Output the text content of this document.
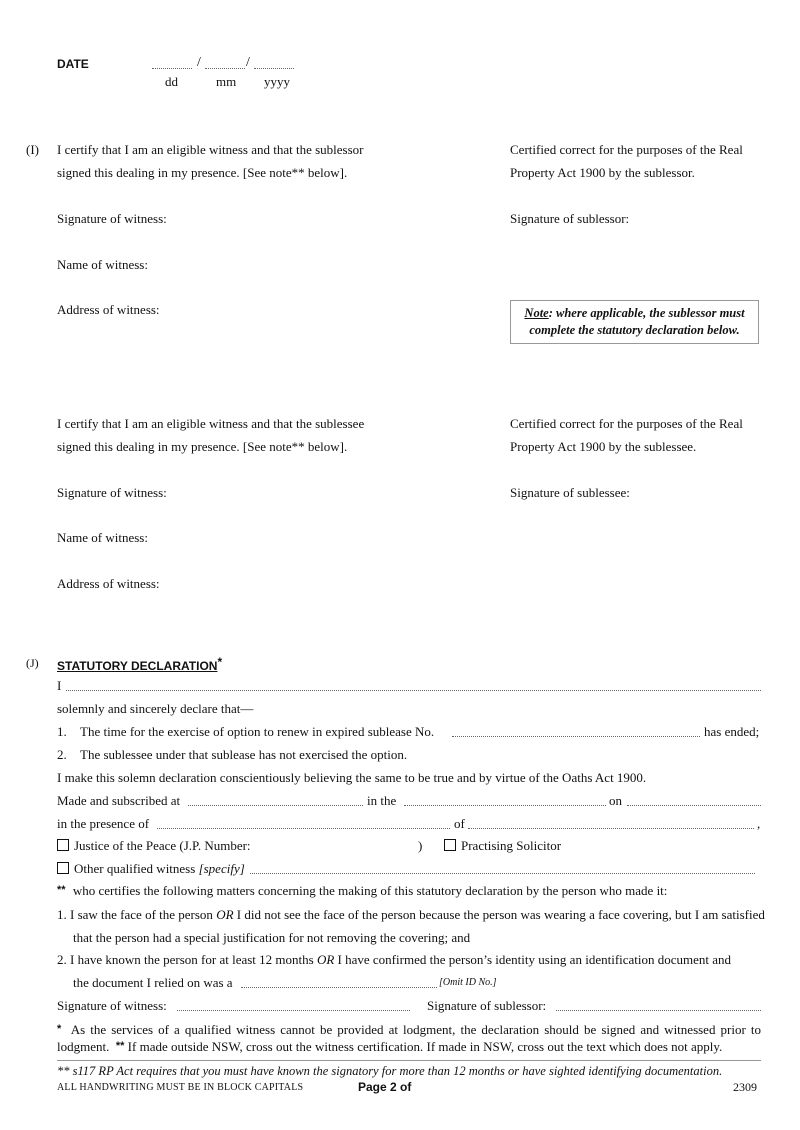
DATE	/	/
dd	mm yyyy
(I) I certify that I am an eligible witness and that the sublessor
signed this dealing in my presence. [See note** below].
Certified correct for the purposes of the Real
Property Act 1900 by the sublessor.
Signature of witness:	Signature of sublessor:
Name of witness:
Address of witness:	Note: where applicable, the sublessor must
complete the statutory declaration below.
I certify that I am an eligible witness and that the sublessee
signed this dealing in my presence. [See note** below].
Certified correct for the purposes of the Real
Property Act 1900 by the sublessee.
Signature of witness:	Signature of sublessee:
Name of witness:
Address of witness:
(J) STATUTORY DECLARATION*
I
solemnly and sincerely declare that—
1. The time for the exercise of option to renew in expired sublease No.	has ended;
2. The sublessee under that sublease has not exercised the option.
I make this solemn declaration conscientiously believing the same to be true and by virtue of the Oaths Act 1900.
Made and subscribed at	in the	on
in the presence of	of	,
Justice of the Peace (J.P. Number:	)	Practising Solicitor
Other qualified witness [specify]
** who certifies the following matters concerning the making of this statutory declaration by the person who made it:
1. I saw the face of the person OR I did not see the face of the person because the person was wearing a face covering, but I am satisfied
that the person had a special justification for not removing the covering; and
2. I have known the person for at least 12 months OR I have confirmed the person’s identity using an identification document and
the document I relied on was a	[Omit ID No.]
Signature of witness:	Signature of sublessor:
* As the services of a qualified witness cannot be provided at lodgment, the declaration should be signed and witnessed prior to lodgment. ** If made outside NSW, cross out the witness certification. If made in NSW, cross out the text which does not apply.
** s117 RP Act requires that you must have known the signatory for more than 12 months or have sighted identifying documentation.
ALL HANDWRITING MUST BE IN BLOCK CAPITALS	Page 2 of	2309
